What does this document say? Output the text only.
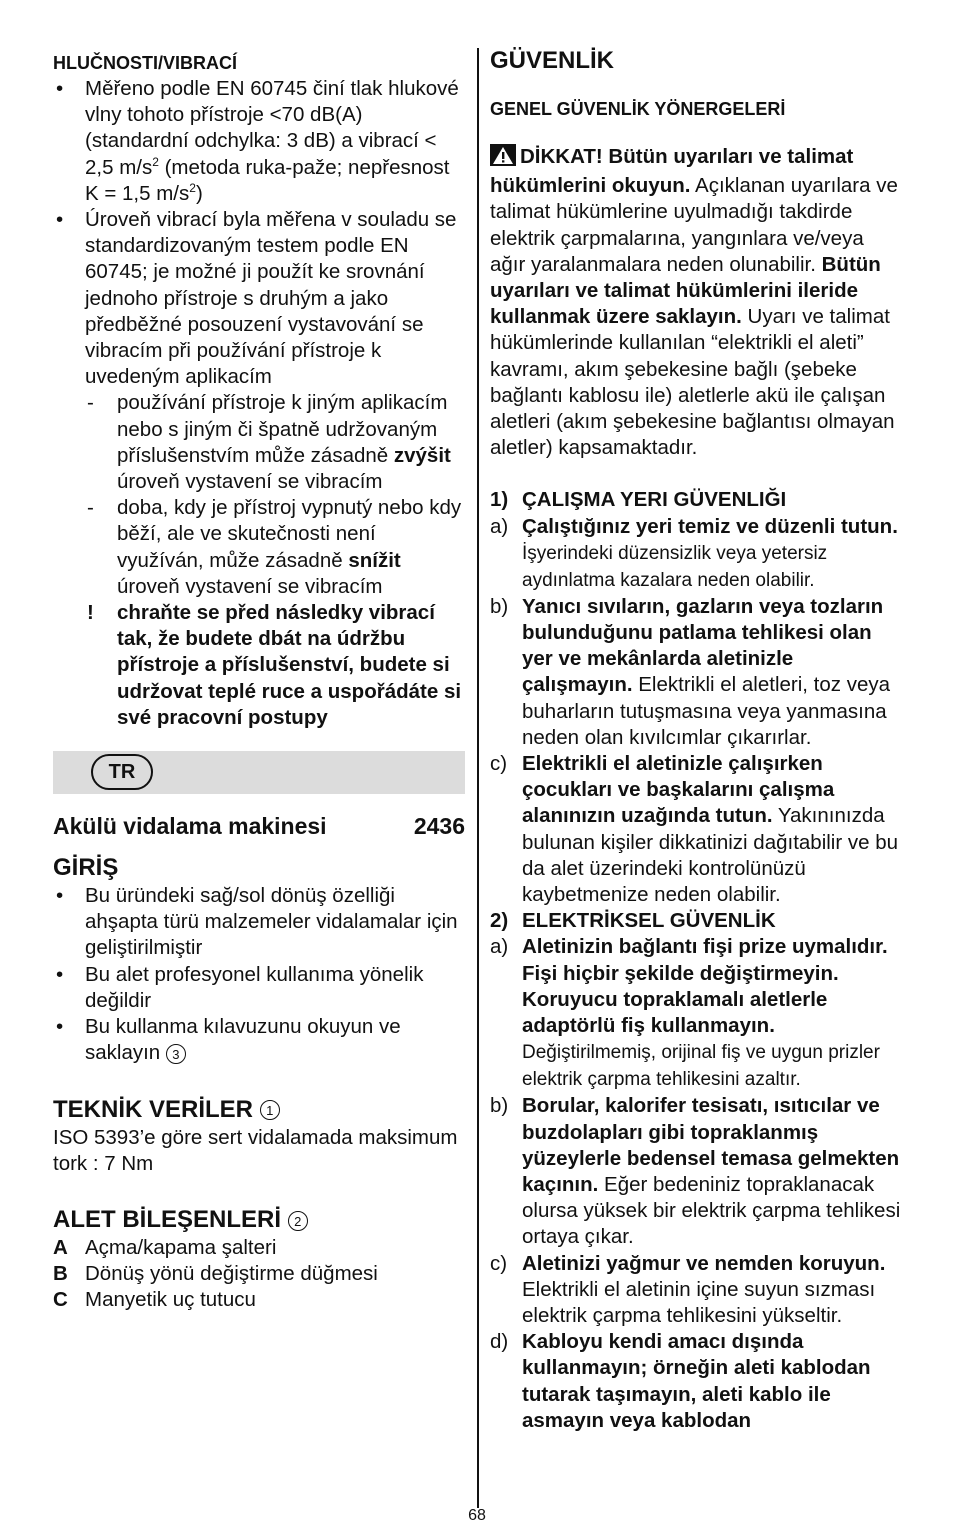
HLUČNOSTI/VIBRACÍ
• Měřeno podle EN 60745 činí tlak hlukové vlny tohoto přístroje <70 dB(A) (standardní odchylka: 3 dB) a vibrací < 2,5 $m/s^2$ (metoda ruka-paže; nepřesnost K = 1,5 $m/s^2$)
• Úroveň vibrací byla měřena v souladu se standardizovaným testem podle EN 60745; je možné ji použít ke srovnání jednoho přístroje s druhým a jako předběžné posouzení vystavování se vibracím při používání přístroje k uvedeným aplikacím
- používání přístroje k jiným aplikacím nebo s jiným či špatně udržovaným příslušenstvím může zásadně zvýšit úroveň vystavení se vibracím
- doba, kdy je přístroj vypnutý nebo kdy běží, ale ve skutečnosti není využíván, může zásadně snížit úroveň vystavení se vibracím
! chraňte se před následky vibrací tak, že budete dbát na údržbu přístroje a příslušenství, budete si udržovat teplé ruce a uspořádáte si své pracovní postupy
TR
Akülü vidalama makinesi	2436
GİRİŞ
• Bu üründeki sağ/sol dönüş özelliği ahşapta türü malzemeler vidalamalar için geliştirilmiştir
• Bu alet profesyonel kullanıma yönelik değildir
• Bu kullanma kılavuzunu okuyun ve saklayın 3
TEKNİK VERİLER 1
ISO 5393’e göre sert vidalamada maksimum tork : 7 Nm
ALET BİLEŞENLERİ 2
A Açma/kapama şalteri
B Dönüş yönü değiştirme düğmesi
C Manyetik uç tutucu
GÜVENLİK
GENEL GÜVENLİK YÖNERGELERİ
DİKKAT! Bütün uyarıları ve talimat hükümlerini okuyun. Açıklanan uyarılara ve talimat hükümlerine uyulmadığı takdirde elektrik çarpmalarına, yangınlara ve/veya ağır yaralanmalara neden olunabilir. Bütün uyarıları ve talimat hükümlerini ileride kullanmak üzere saklayın. Uyarı ve talimat hükümlerinde kullanılan “elektrikli el aleti” kavramı, akım şebekesine bağlı (şebeke bağlantı kablosu ile) aletlerle akü ile çalışan aletleri (akım şebekesine bağlantısı olmayan aletler) kapsamaktadır.
1) ÇALIŞMA YERI GÜVENLIĞI
a) Çalıştığınız yeri temiz ve düzenli tutun.
İşyerindeki düzensizlik veya yetersiz aydınlatma kazalara neden olabilir.
b) Yanıcı sıvıların, gazların veya tozların bulunduğunu patlama tehlikesi olan yer ve mekânlarda aletinizle çalışmayın. Elektrikli el aletleri, toz veya buharların tutuşmasına veya yanmasına neden olan kıvılcımlar çıkarırlar.
c) Elektrikli el aletinizle çalışırken çocukları ve başkalarını çalışma alanınızın uzağında tutun. Yakınınızda bulunan kişiler dikkatinizi dağıtabilir ve bu da alet üzerindeki kontrolünüzü kaybetmenize neden olabilir.
2) ELEKTRİKSEL GÜVENLİK
a) Aletinizin bağlantı fişi prize uymalıdır. Fişi hiçbir şekilde değiştirmeyin. Koruyucu topraklamalı aletlerle adaptörlü fiş kullanmayın.
Değiştirilmemiş, orijinal fiş ve uygun prizler elektrik çarpma tehlikesini azaltır.
b) Borular, kalorifer tesisatı, ısıtıcılar ve buzdolapları gibi topraklanmış yüzeylerle bedensel temasa gelmekten kaçının. Eğer bedeniniz topraklanacak olursa yüksek bir elektrik çarpma tehlikesi ortaya çıkar.
c) Aletinizi yağmur ve nemden koruyun. Elektrikli el aletinin içine suyun sızması elektrik çarpma tehlikesini yükseltir.
d) Kabloyu kendi amacı dışında kullanmayın; örneğin aleti kablodan tutarak taşımayın, aleti kablo ile asmayın veya kablodan
68
